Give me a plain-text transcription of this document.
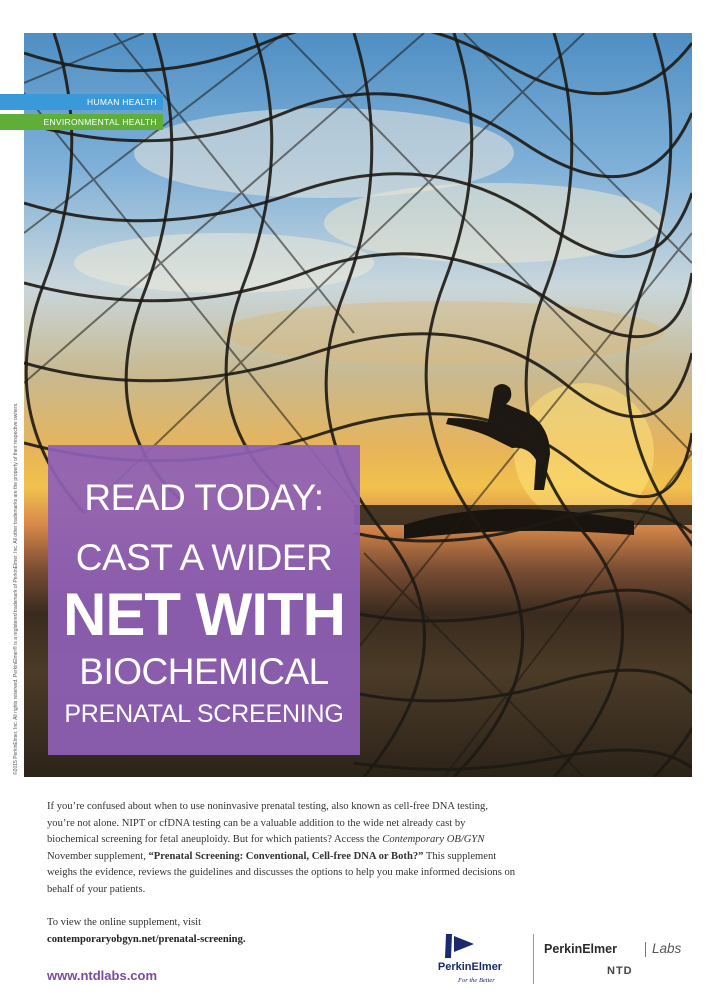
HUMAN HEALTH
ENVIRONMENTAL HEALTH
©2015 PerkinElmer, Inc. All rights reserved. PerkinElmer® is a registered trademark of PerkinElmer, Inc. All other trademarks are the property of their respective owners.	READ TODAY:
CAST A WIDER
NET WITH
BIOCHEMICAL
PRENATAL SCREENING

If you’re confused about when to use noninvasive prenatal testing, also known as cell-free DNA testing, you’re not alone. NIPT or cfDNA testing can be a valuable addition to the wide net already cast by biochemical screening for fetal aneuploidy. But for which patients? Access the Contemporary OB/GYN November supplement, “Prenatal Screening: Conventional, Cell-free DNA or Both?” This supplement weighs the evidence, reviews the guidelines and discusses the options to help you make informed decisions on behalf of your patients.

To view the online supplement, visit
contemporaryobgyn.net/prenatal-screening.
www.ntdlabs.com
PerkinElmer
For the Better
PerkinElmer	Labs
NTD
